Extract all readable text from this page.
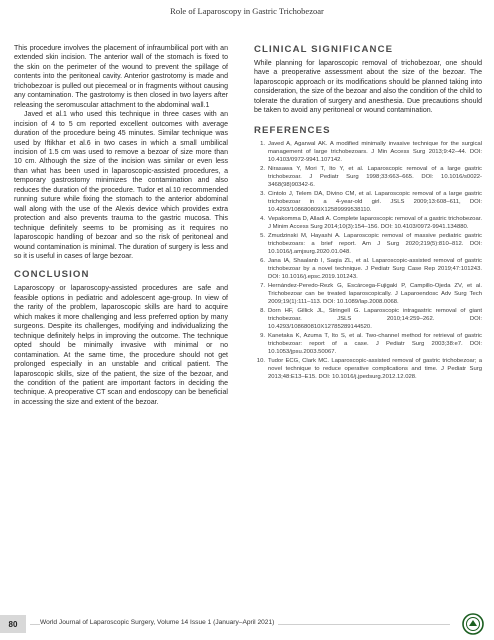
Role of Laparoscopy in Gastric Trichobezoar

This procedure involves the placement of infraumbilical port with an extended skin incision. The anterior wall of the stomach is fixed to the skin on the perimeter of the wound to prevent the spillage of contents into the peritoneal cavity. Anterior gastrotomy is made and trichobezoar is pulled out piecemeal or in fragments without causing any contamination. The gastrotomy is then closed in two layers after releasing the seromuscular attachment to the abdominal wall.1

Javed et al.1 who used this technique in three cases with an incision of 4 to 5 cm reported excellent outcomes with average duration of the procedure being 45 minutes. Similar technique was used by Iftikhar et al.6 in two cases in which a small umbilical incision of 1.5 cm was used to remove a bezoar of size more than 10 cm. Although the size of the incision was similar or even less than what has been used in laparoscopic-assisted procedures, a temporary gastrostomy minimizes the contamination and also reduces the duration of the procedure. Tudor et al.10 recommended running suture while fixing the stomach to the anterior abdominal wall along with the use of the Alexis device which provides extra protection and also prevents trauma to the gastric mucosa. This technique definitely seems to be promising as it requires no laparoscopic handling of bezoar and so the risk of peritoneal and wound contamination is minimal. The duration of surgery is less and so it is useful in cases of large bezoar.

CONCLUSION

Laparoscopy or laparoscopy-assisted procedures are safe and feasible options in pediatric and adolescent age-group. In view of the rarity of the problem, laparoscopic skills are hard to acquire which makes it more challenging and less preferred option by many surgeons. Despite its challenges, modifying and individualizing the technique definitely helps in improving the outcome. The technique opted should be minimally invasive with minimal or no contamination. At the same time, the procedure should not get prolonged especially in an unstable and critical patient. The laparoscopic skills, size of the patient, the size of the bezoar, and the condition of the patient are important factors in deciding the technique. A preoperative CT scan and endoscopy can be beneficial in accessing the size and extent of the bezoar.

CLINICAL SIGNIFICANCE

While planning for laparoscopic removal of trichobezoar, one should have a preoperative assessment about the size of the bezoar. The laparoscopic approach or its modifications should be planned taking into consideration, the size of the bezoar and also the condition of the child to tolerate the duration of surgery and anesthesia. Due precautions should be taken to avoid any peritoneal or wound contamination.

REFERENCES
1. Javed A, Agarwal AK. A modified minimally invasive technique for the surgical management of large trichobezoars. J Min Access Surg 2013;9:42–44. DOI: 10.4103/0972-9941.107142.
2. Nirasawa Y, Mori T, Ito Y, et al. Laparoscopic removal of a large gastric trichobezoar. J Pediatr Surg 1998;33:663–665. DOI: 10.1016/s0022-3468(98)90342-6.
3. Cintolo J, Telem DA, Divino CM, et al. Laparoscopic removal of a large gastric trichobezoar in a 4-year-old girl. JSLS 2009;13:608–611, DOI: 10.4293/108680809X12589999538110.
4. Vepakomma D, Alladi A. Complete laparoscopic removal of a gastric trichobezoar. J Minim Access Surg 2014;10(3):154–156. DOI: 10.4103/0972-9941.134880.
5. Zmudzinski M, Hayashi A. Laparoscopic removal of massive pediatric gastric trichobezoars: a brief report. Am J Surg 2020;219(5):810–812. DOI: 10.1016/j.amjsurg.2020.01.048.
6. Jana IA, Shaalanb I, Saqia ZL, et al. Laparoscopic-assisted removal of gastric trichobezoar by a novel technique. J Pediatr Surg Case Rep 2019;47:101243. DOI: 10.1016/j.epsc.2019.101243.
7. Hernández-Peredo-Rezk G, Escárcega-Fujigaki P, Campillo-Ojeda ZV, et al. Trichobezoar can be treated laparoscopically. J Laparoendosc Adv Surg Tech 2009;19(1):111–113. DOI: 10.1089/lap.2008.0068.
8. Dorn HF, Gillick JL, Stringell G. Laparoscopic intragastric removal of giant trichobezoar. JSLS 2010;14:259–262. DOI: 10.4293/108680810X12785289144520.
9. Kanetaka K, Azuma T, Ito S, et al. Two-channel method for retrieval of gastric trichobezoar: report of a case. J Pediatr Surg 2003;38:e7. DOI: 10.1053/jpsu.2003.50067.
10. Tudor ECG, Clark MC. Laparoscopic-assisted removal of gastric trichobezoar; a novel technique to reduce operative complications and time. J Pediatr Surg 2013;48:E13–E15. DOI: 10.1016/j.jpedsurg.2012.12.028.
80	World Journal of Laparoscopic Surgery, Volume 14 Issue 1 (January–April 2021)
